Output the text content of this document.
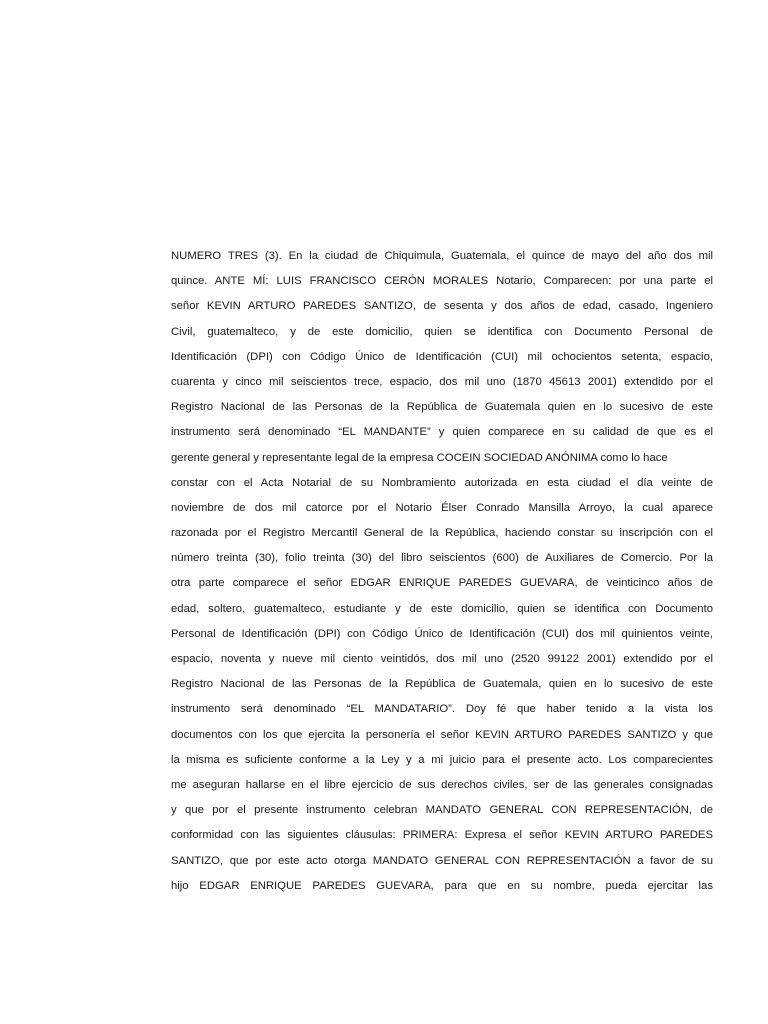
NUMERO TRES (3). En la ciudad de Chiquimula, Guatemala, el quince de mayo del año dos mil
quince. ANTE MÍ: LUIS FRANCISCO CERÓN MORALES Notario, Comparecen: por una parte el
señor KEVIN ARTURO PAREDES SANTIZO, de sesenta y dos años de edad, casado, Ingeniero
Civil, guatemalteco, y de este domicilio, quien se identifica con Documento Personal de
Identificación (DPI) con Código Único de Identificación (CUI) mil ochocientos setenta, espacio,
cuarenta y cinco mil seiscientos trece, espacio, dos mil uno (1870 45613 2001) extendido por el
Registro Nacional de las Personas de la República de Guatemala quien en lo sucesivo de este
instrumento será denominado “EL MANDANTE” y quien comparece en su calidad de que es el
gerente general y representante legal de la empresa COCEIN SOCIEDAD ANÓNIMA como lo hace
constar con el Acta Notarial de su Nombramiento autorizada en esta ciudad el día veinte de
noviembre de dos mil catorce por el Notario Élser Conrado Mansilla Arroyo, la cual aparece
razonada por el Registro Mercantil General de la República, haciendo constar su inscripción con el
número treinta (30), folio treinta (30) del libro seiscientos (600) de Auxiliares de Comercio. Por la
otra parte comparece el señor EDGAR ENRIQUE PAREDES GUEVARA, de veinticinco años de
edad, soltero, guatemalteco, estudiante y de este domicilio, quien se identifica con Documento
Personal de Identificación (DPI) con Código Único de Identificación (CUI) dos mil quinientos veinte,
espacio, noventa y nueve mil ciento veintidós, dos mil uno (2520 99122 2001) extendido por el
Registro Nacional de las Personas de la República de Guatemala, quien en lo sucesivo de este
instrumento será denominado “EL MANDATARIO”. Doy fé que haber tenido a la vista los
documentos con los que ejercita la personería el señor KEVIN ARTURO PAREDES SANTIZO y que
la misma es suficiente conforme a la Ley y a mi juicio para el presente acto. Los comparecientes
me aseguran hallarse en el libre ejercicio de sus derechos civiles, ser de las generales consignadas
y que por el presente instrumento celebran MANDATO GENERAL CON REPRESENTACIÓN, de
conformidad con las siguientes cláusulas: PRIMERA: Expresa el señor KEVIN ARTURO PAREDES
SANTIZO, que por este acto otorga MANDATO GENERAL CON REPRESENTACIÓN a favor de su
hijo EDGAR ENRIQUE PAREDES GUEVARA, para que en su nombre, pueda ejercitar las
